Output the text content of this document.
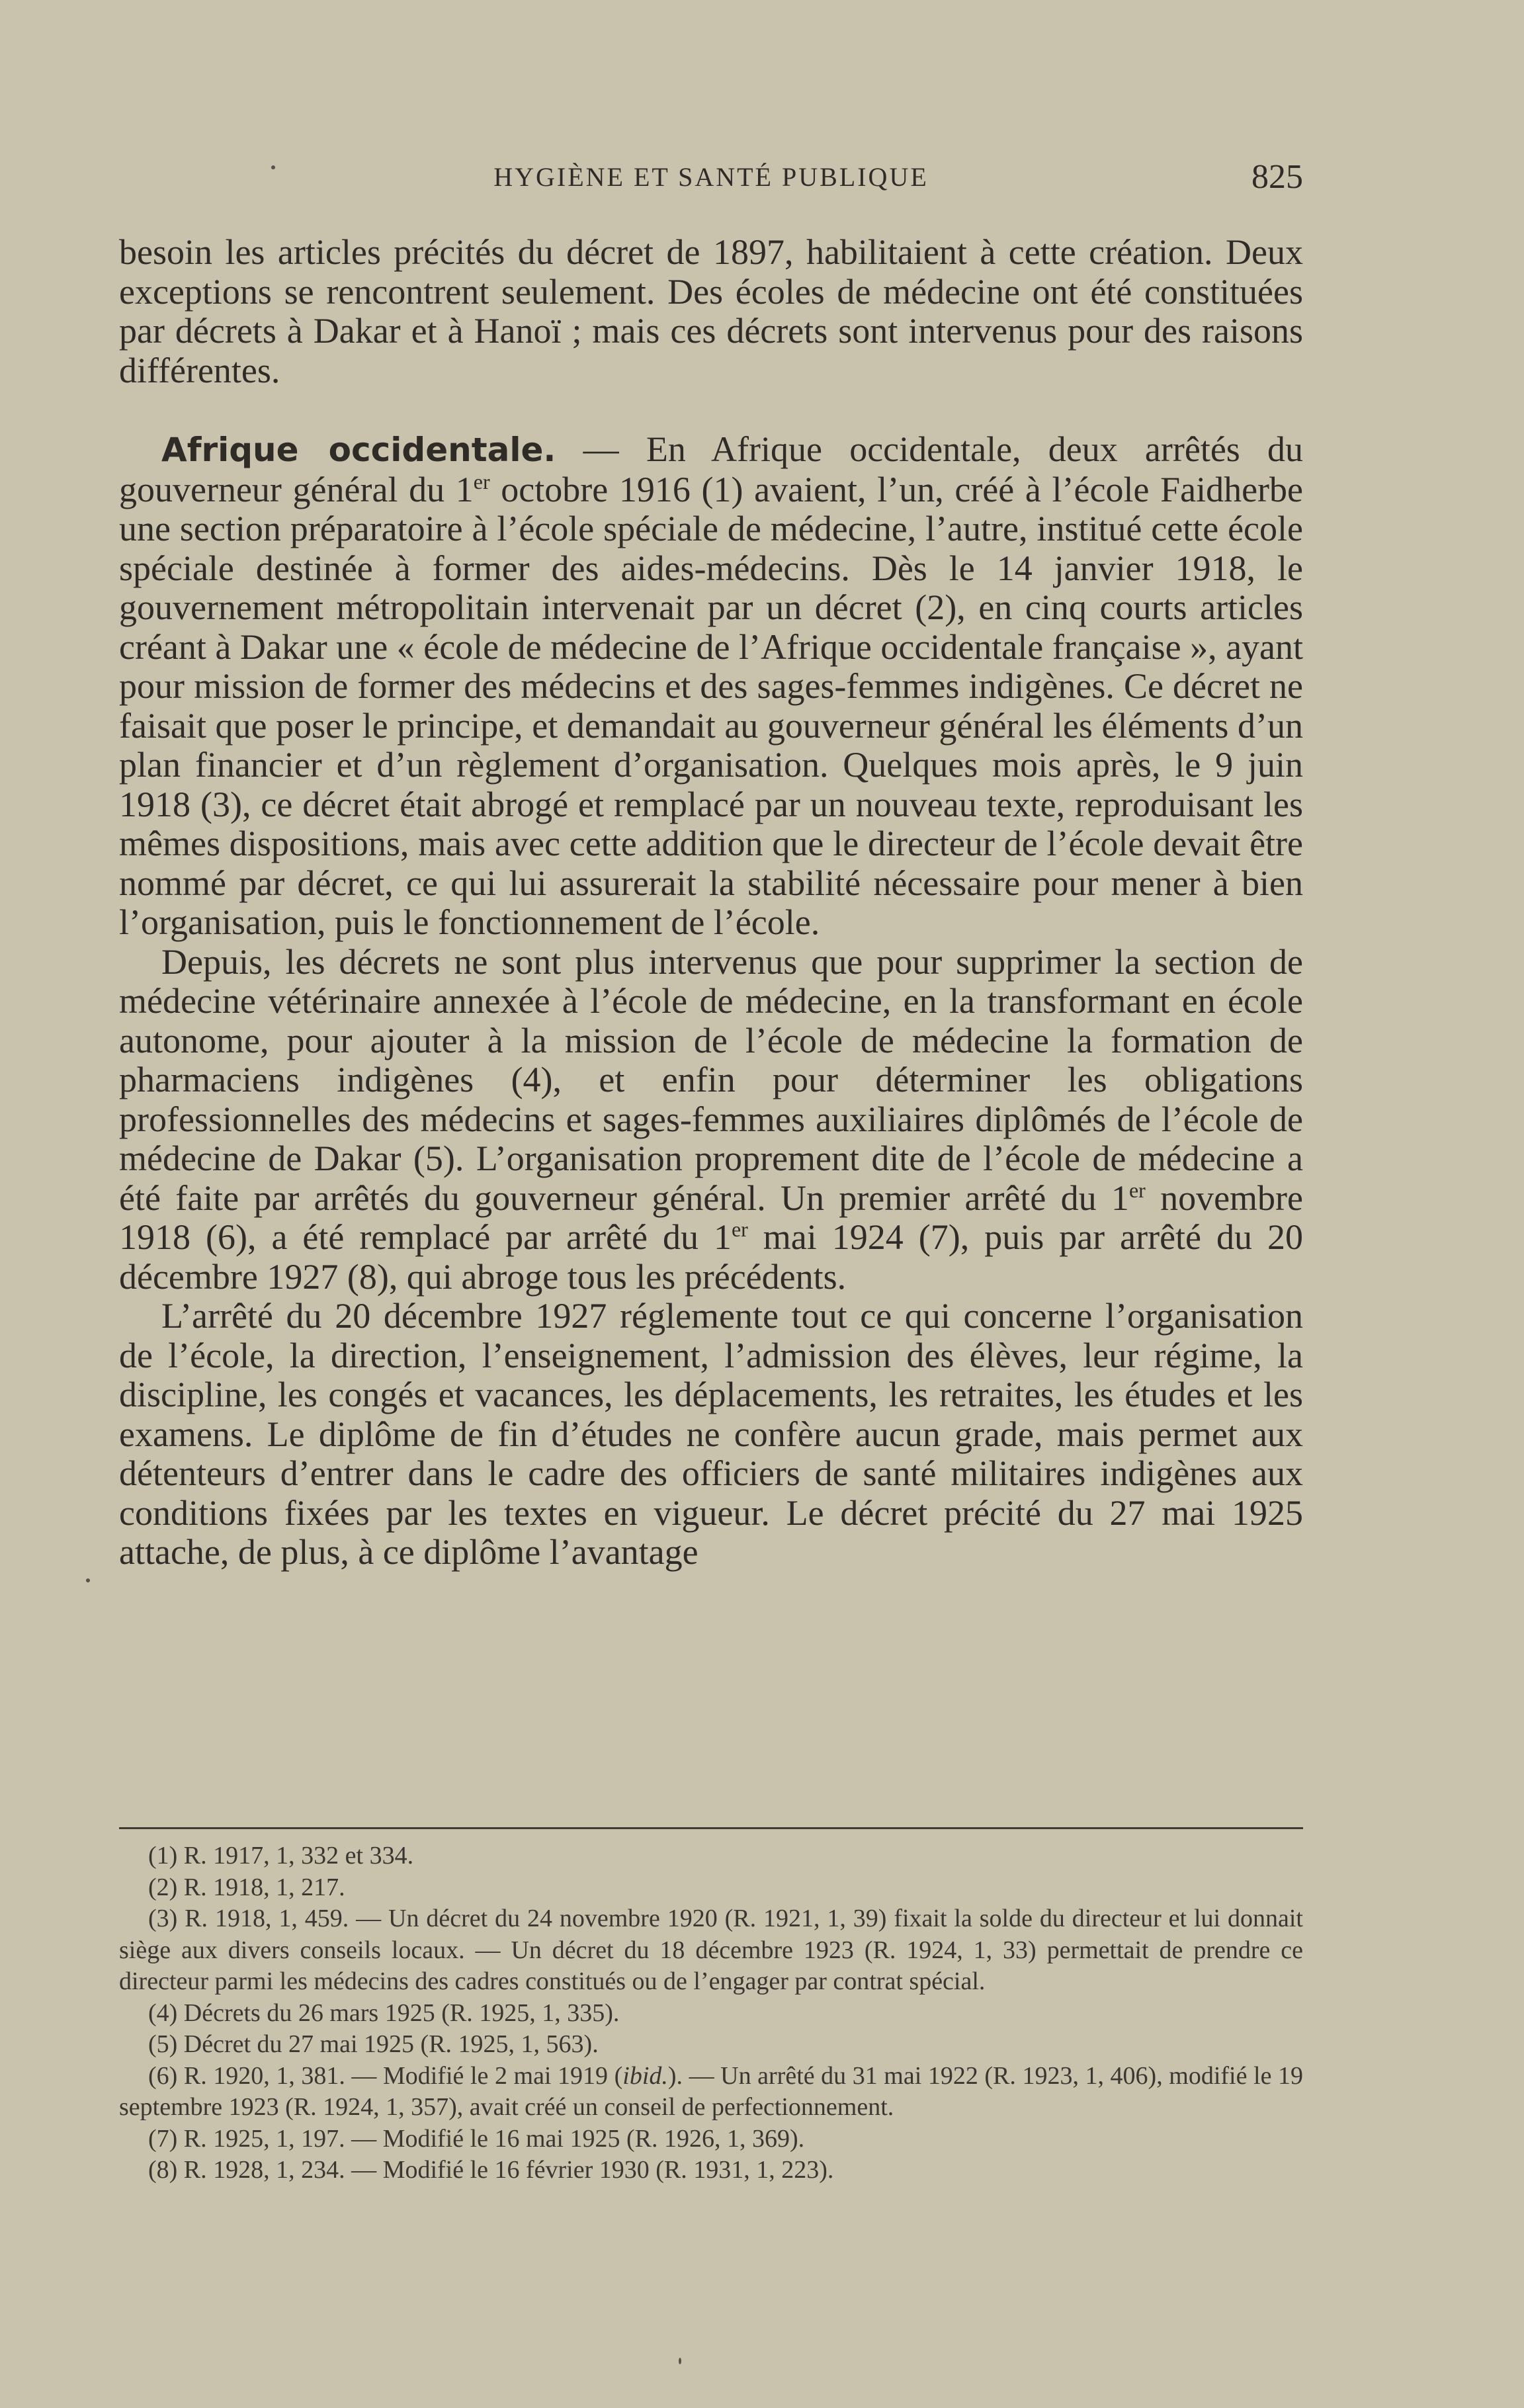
HYGIÈNE ET SANTÉ PUBLIQUE	825

besoin les articles précités du décret de 1897, habilitaient à cette création. Deux exceptions se rencontrent seulement. Des écoles de médecine ont été constituées par décrets à Dakar et à Hanoï ; mais ces décrets sont intervenus pour des raisons différentes.

Afrique occidentale. — En Afrique occidentale, deux arrêtés du gouverneur général du 1er octobre 1916 (1) avaient, l’un, créé à l’école Faidherbe une section préparatoire à l’école spéciale de médecine, l’autre, institué cette école spéciale destinée à former des aides-médecins. Dès le 14 janvier 1918, le gouvernement métropolitain intervenait par un décret (2), en cinq courts articles créant à Dakar une « école de médecine de l’Afrique occidentale française », ayant pour mission de former des médecins et des sages-femmes indigènes. Ce décret ne faisait que poser le principe, et demandait au gouverneur général les éléments d’un plan financier et d’un règlement d’organisation. Quelques mois après, le 9 juin 1918 (3), ce décret était abrogé et remplacé par un nouveau texte, reproduisant les mêmes dispositions, mais avec cette addition que le directeur de l’école devait être nommé par décret, ce qui lui assurerait la stabilité nécessaire pour mener à bien l’organisation, puis le fonctionnement de l’école.

Depuis, les décrets ne sont plus intervenus que pour supprimer la section de médecine vétérinaire annexée à l’école de médecine, en la transformant en école autonome, pour ajouter à la mission de l’école de médecine la formation de pharmaciens indigènes (4), et enfin pour déterminer les obligations professionnelles des médecins et sages-femmes auxiliaires diplômés de l’école de médecine de Dakar (5). L’organisation proprement dite de l’école de médecine a été faite par arrêtés du gouverneur général. Un premier arrêté du 1er novembre 1918 (6), a été remplacé par arrêté du 1er mai 1924 (7), puis par arrêté du 20 décembre 1927 (8), qui abroge tous les précédents.

L’arrêté du 20 décembre 1927 réglemente tout ce qui concerne l’organisation de l’école, la direction, l’enseignement, l’admission des élèves, leur régime, la discipline, les congés et vacances, les déplacements, les retraites, les études et les examens. Le diplôme de fin d’études ne confère aucun grade, mais permet aux détenteurs d’entrer dans le cadre des officiers de santé militaires indigènes aux conditions fixées par les textes en vigueur. Le décret précité du 27 mai 1925 attache, de plus, à ce diplôme l’avantage

(1) R. 1917, 1, 332 et 334.

(2) R. 1918, 1, 217.

(3) R. 1918, 1, 459. — Un décret du 24 novembre 1920 (R. 1921, 1, 39) fixait la solde du directeur et lui donnait siège aux divers conseils locaux. — Un décret du 18 décembre 1923 (R. 1924, 1, 33) permettait de prendre ce directeur parmi les médecins des cadres constitués ou de l’engager par contrat spécial.

(4) Décrets du 26 mars 1925 (R. 1925, 1, 335).

(5) Décret du 27 mai 1925 (R. 1925, 1, 563).

(6) R. 1920, 1, 381. — Modifié le 2 mai 1919 (ibid.). — Un arrêté du 31 mai 1922 (R. 1923, 1, 406), modifié le 19 septembre 1923 (R. 1924, 1, 357), avait créé un conseil de perfectionnement.

(7) R. 1925, 1, 197. — Modifié le 16 mai 1925 (R. 1926, 1, 369).

(8) R. 1928, 1, 234. — Modifié le 16 février 1930 (R. 1931, 1, 223).
